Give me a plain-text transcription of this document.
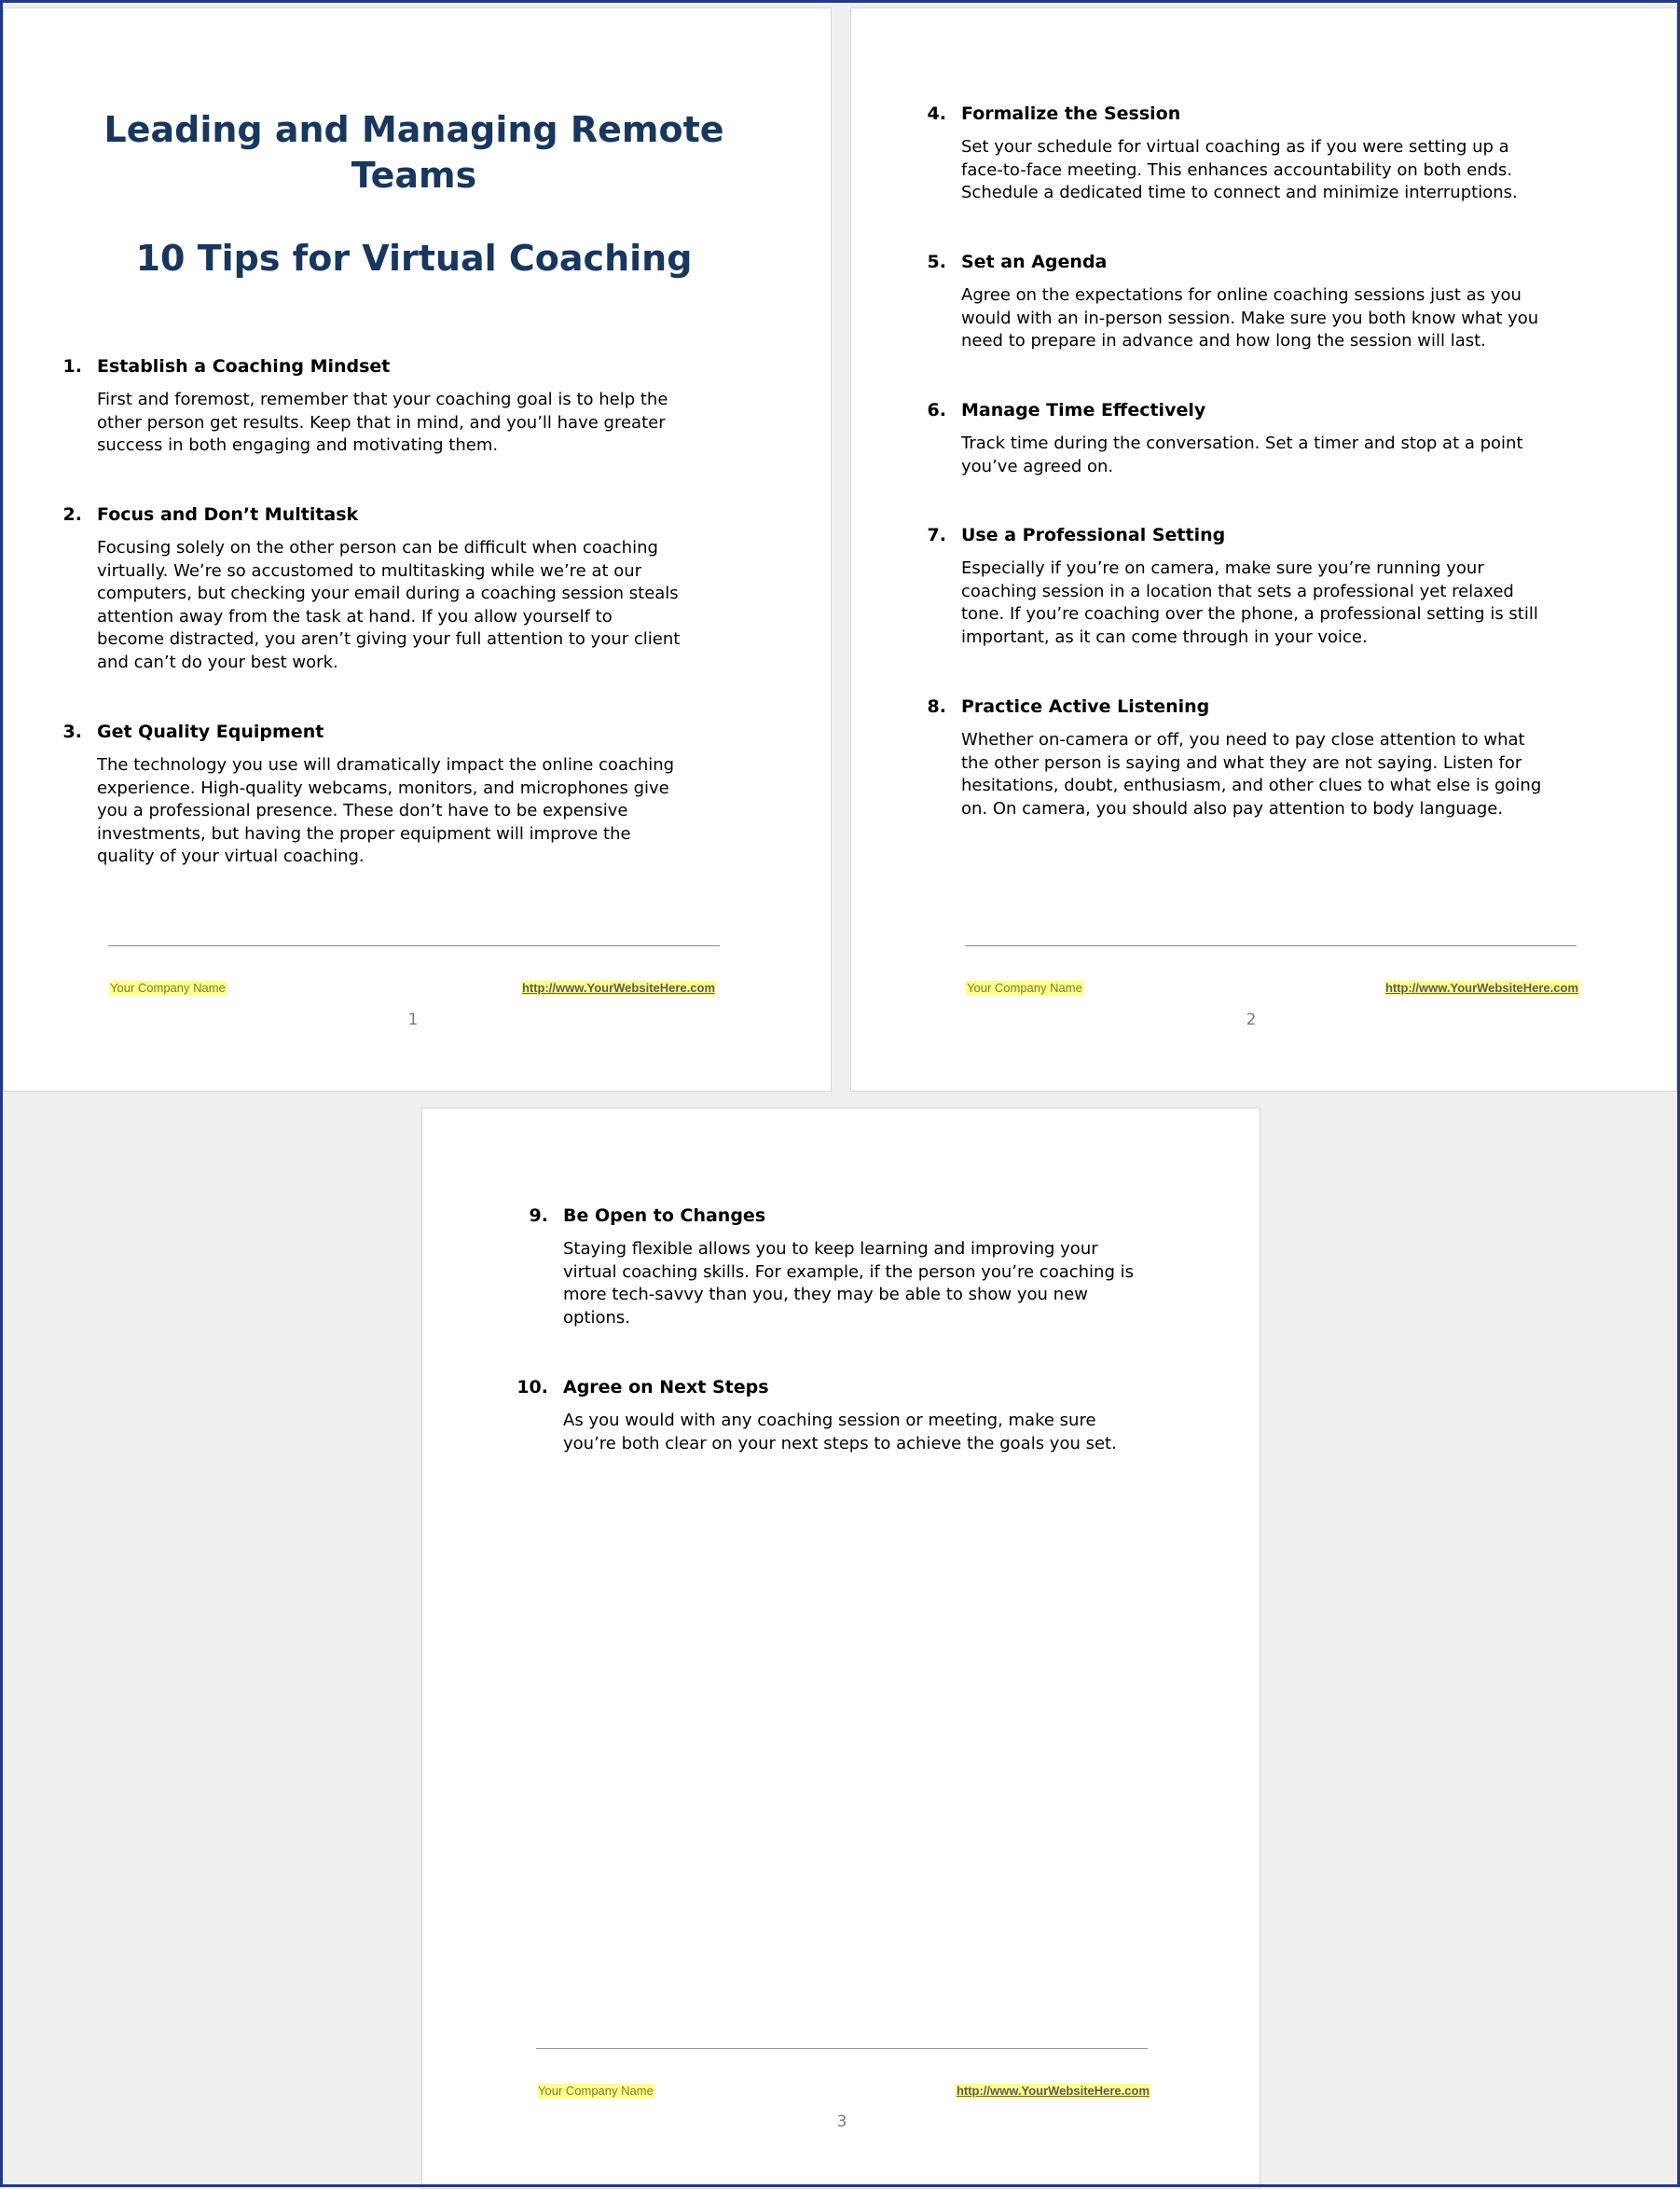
Leading and Managing Remote
Teams
10 Tips for Virtual Coaching
1. Establish a Coaching Mindset
First and foremost, remember that your coaching goal is to help the
other person get results. Keep that in mind, and you’ll have greater
success in both engaging and motivating them.
2. Focus and Don’t Multitask
Focusing solely on the other person can be difficult when coaching
virtually. We’re so accustomed to multitasking while we’re at our
computers, but checking your email during a coaching session steals
attention away from the task at hand. If you allow yourself to
become distracted, you aren’t giving your full attention to your client
and can’t do your best work.
3. Get Quality Equipment
The technology you use will dramatically impact the online coaching
experience. High-quality webcams, monitors, and microphones give
you a professional presence. These don’t have to be expensive
investments, but having the proper equipment will improve the
quality of your virtual coaching.
Your Company Name	http://www.YourWebsiteHere.com
1
4. Formalize the Session
Set your schedule for virtual coaching as if you were setting up a
face-to-face meeting. This enhances accountability on both ends.
Schedule a dedicated time to connect and minimize interruptions.
5. Set an Agenda
Agree on the expectations for online coaching sessions just as you
would with an in-person session. Make sure you both know what you
need to prepare in advance and how long the session will last.
6. Manage Time Effectively
Track time during the conversation. Set a timer and stop at a point
you’ve agreed on.
7. Use a Professional Setting
Especially if you’re on camera, make sure you’re running your
coaching session in a location that sets a professional yet relaxed
tone. If you’re coaching over the phone, a professional setting is still
important, as it can come through in your voice.
8. Practice Active Listening
Whether on-camera or off, you need to pay close attention to what
the other person is saying and what they are not saying. Listen for
hesitations, doubt, enthusiasm, and other clues to what else is going
on. On camera, you should also pay attention to body language.
Your Company Name	http://www.YourWebsiteHere.com
2
9. Be Open to Changes
Staying flexible allows you to keep learning and improving your
virtual coaching skills. For example, if the person you’re coaching is
more tech-savvy than you, they may be able to show you new
options.
10. Agree on Next Steps
As you would with any coaching session or meeting, make sure
you’re both clear on your next steps to achieve the goals you set.
Your Company Name	http://www.YourWebsiteHere.com
3
